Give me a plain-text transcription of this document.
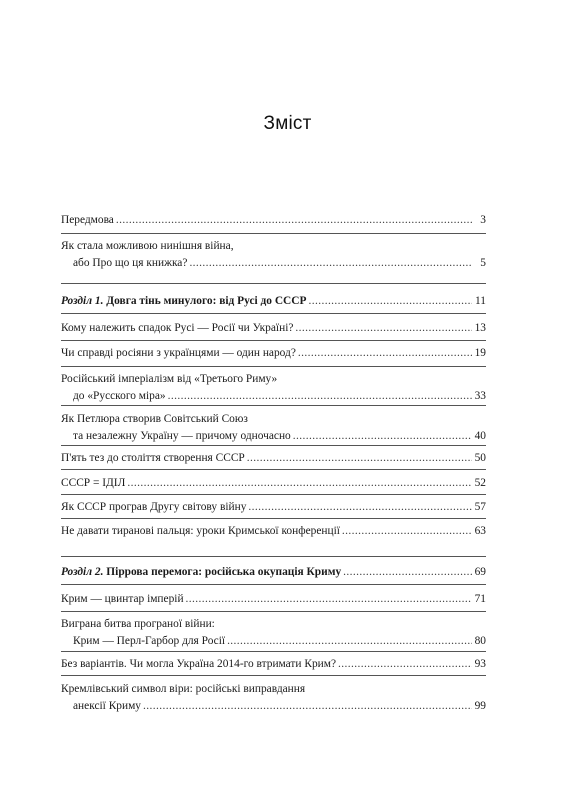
Зміст
Передмова .....	3
Як стала можливою нинішня війна,
або Про що ця книжка? .....	5
Розділ 1. Довга тінь минулого: від Русі до СССР .....	11
Кому належить спадок Русі — Росії чи Україні? .....	13
Чи справді росіяни з українцями — один народ? .....	19
Російський імперіалізм від «Третього Риму»
до «Русского міра» .....	33
Як Петлюра створив Совітський Союз
та незалежну Україну — причому одночасно .....	40
П'ять тез до століття створення СССР .....	50
СССР = ІДІЛ .....	52
Як СССР програв Другу світову війну .....	57
Не давати тиранові пальця: уроки Кримської конференції .....	63
Розділ 2. Піррова перемога: російська окупація Криму .....	69
Крим — цвинтар імперій .....	71
Виграна битва програної війни:
Крим — Перл-Гарбор для Росії .....	80
Без варіантів. Чи могла Україна 2014-го втримати Крим? .....	93
Кремлівський символ віри: російські виправдання
анексії Криму .....	99
